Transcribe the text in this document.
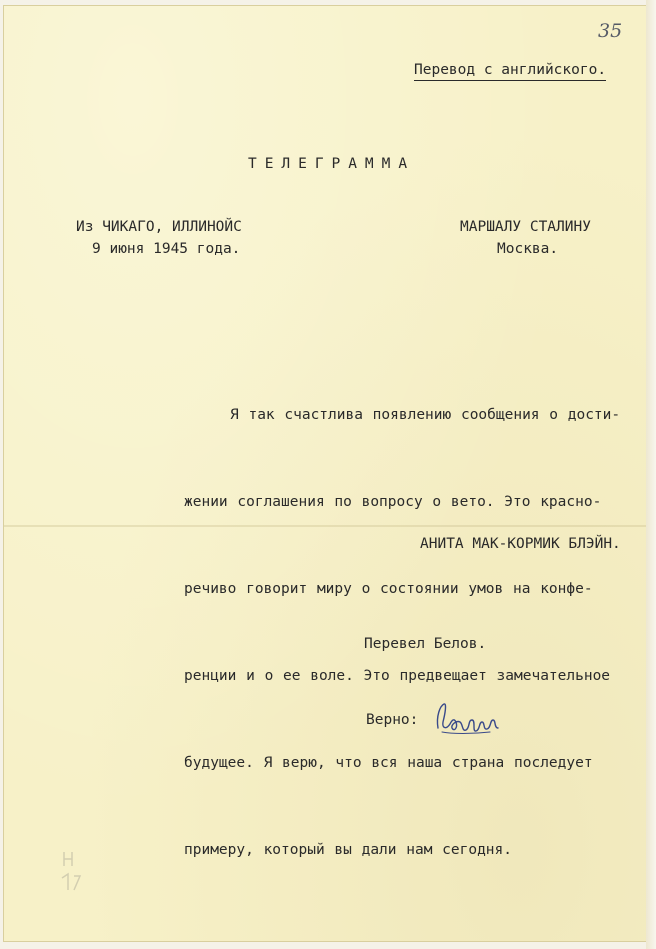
35

Перевод с английского.

ТЕЛЕГРАММА

Из ЧИКАГО, ИЛЛИНОЙС

9 июня 1945 года.

МАРШАЛУ СТАЛИНУ

Москва.

Я так счастлива появлению сообщения о дости-

жении соглашения по вопросу о вето. Это красно-

речиво говорит миру о состоянии умов на конфе-

ренции и о ее воле. Это предвещает замечательное

будущее. Я верю, что вся наша страна последует

примеру, который вы дали нам сегодня.

АНИТА МАК-КОРМИК БЛЭЙН.

Перевел Белов.

Верно:
